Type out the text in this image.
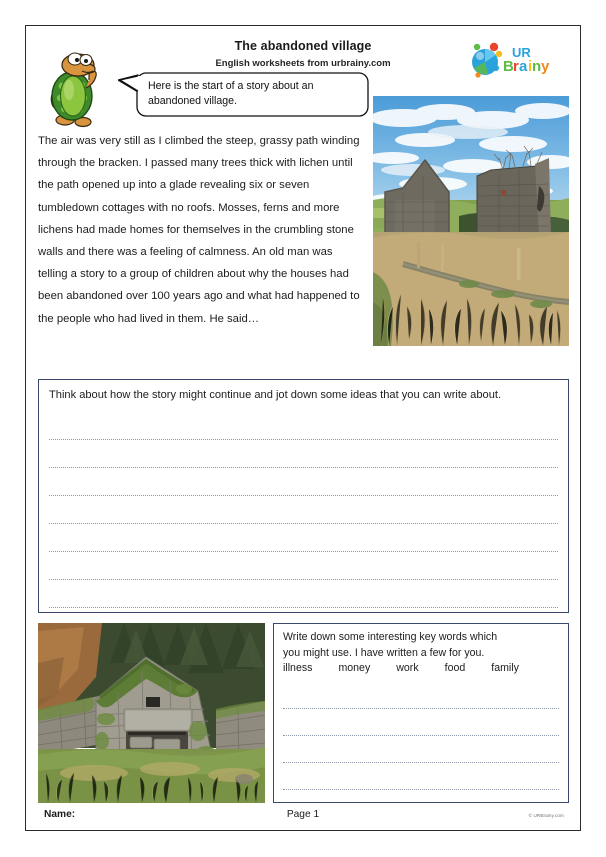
The abandoned village
English worksheets from urbrainy.com
UR
B r a i n y
Here is the start of a story about an abandoned village.
The air was very still as I climbed the steep, grassy path winding through the bracken. I passed many trees thick with lichen until the path opened up into a glade revealing six or seven tumbledown cottages with no roofs. Mosses, ferns and more lichens had made homes for themselves in the crumbling stone walls and there was a feeling of calmness. An old man was telling a story to a group of children about why the houses had been abandoned over 100 years ago and what had happened to the people who had lived in them. He said…
Think about how the story might continue and jot down some ideas that you can write about.
Write down some interesting key words which
you might use. I have written a few for you.
illness money work food family
Name:	Page 1	© URBrainy.com
